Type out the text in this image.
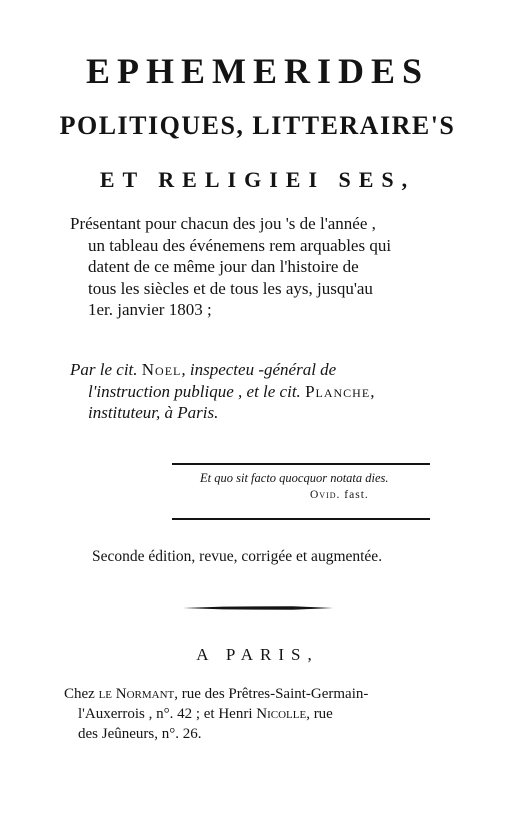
EPHEMERIDES
POLITIQUES, LITTERAIRE'S
ET RELIGIEI SES,
Présentant pour chacun des jou 's de l'année ,
un tableau des événemens rem arquables qui
datent de ce même jour dan l'histoire de
tous les siècles et de tous les ays, jusqu'au
1er. janvier 1803 ;
Par le cit. Noel, inspecteu -général de
l'instruction publique , et le cit. Planche,
instituteur, à Paris.
Et quo sit facto quocquor notata dies.
Ovid. fast.
Seconde édition, revue, corrigée et augmentée.
A PARIS,
Chez le Normant, rue des Prêtres-Saint-Germain-
l'Auxerrois , n°. 42 ; et Henri Nicolle, rue
des Jeûneurs, n°. 26.
